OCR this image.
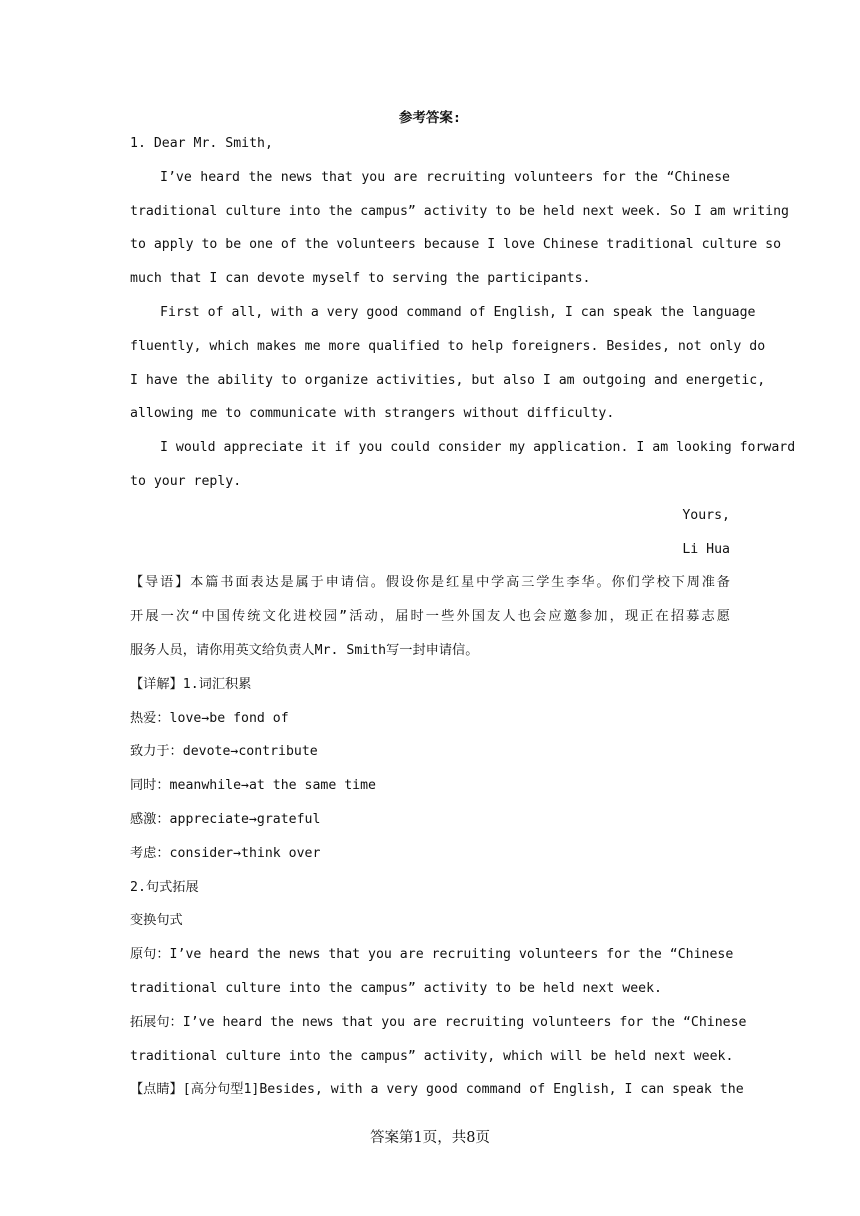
参考答案:
1. Dear Mr. Smith,
I’ve heard the news that you are recruiting volunteers for the “Chinese
traditional culture into the campus” activity to be held next week. So I am writing
to apply to be one of the volunteers because I love Chinese traditional culture so
much that I can devote myself to serving the participants.
First of all, with a very good command of English, I can speak the language
fluently, which makes me more qualified to help foreigners. Besides, not only do
I have the ability to organize activities, but also I am outgoing and energetic,
allowing me to communicate with strangers without difficulty.
I would appreciate it if you could consider my application. I am looking forward
to your reply.
Yours,
Li Hua
【导语】本篇书面表达是属于申请信。假设你是红星中学高三学生李华。你们学校下周准备
开展一次“中国传统文化进校园”活动，届时一些外国友人也会应邀参加，现正在招募志愿
服务人员，请你用英文给负责人Mr. Smith写一封申请信。
【详解】1.词汇积累
热爱：love→be fond of
致力于：devote→contribute
同时：meanwhile→at the same time
感激：appreciate→grateful
考虑：consider→think over
2.句式拓展
变换句式
原句：I’ve heard the news that you are recruiting volunteers for the “Chinese
traditional culture into the campus” activity to be held next week.
拓展句：I’ve heard the news that you are recruiting volunteers for the “Chinese
traditional culture into the campus” activity, which will be held next week.
【点睛】[高分句型1]Besides, with a very good command of English, I can speak the
答案第1页，共8页
